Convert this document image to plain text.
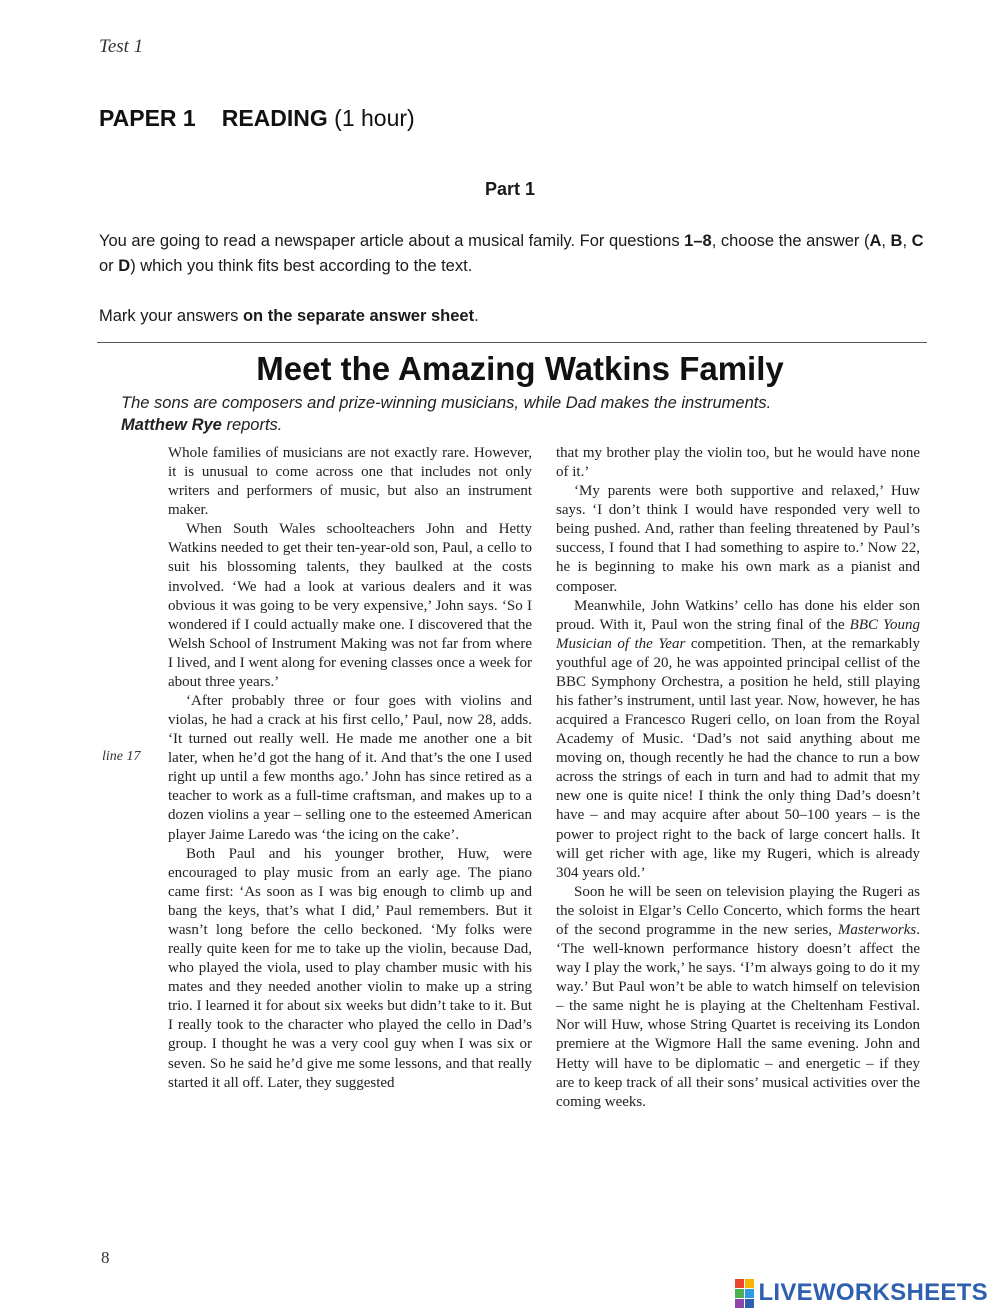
Test 1
PAPER 1 READING (1 hour)
Part 1
You are going to read a newspaper article about a musical family. For questions 1–8, choose the answer (A, B, C or D) which you think fits best according to the text.
Mark your answers on the separate answer sheet.
Meet the Amazing Watkins Family
The sons are composers and prize-winning musicians, while Dad makes the instruments.
Matthew Rye reports.
line 17

Whole families of musicians are not exactly rare. However, it is unusual to come across one that includes not only writers and performers of music, but also an instrument maker.

When South Wales schoolteachers John and Hetty Watkins needed to get their ten-year-old son, Paul, a cello to suit his blossoming talents, they baulked at the costs involved. ‘We had a look at various dealers and it was obvious it was going to be very expensive,’ John says. ‘So I wondered if I could actually make one. I discovered that the Welsh School of Instrument Making was not far from where I lived, and I went along for evening classes once a week for about three years.’

‘After probably three or four goes with violins and violas, he had a crack at his first cello,’ Paul, now 28, adds. ‘It turned out really well. He made me another one a bit later, when he’d got the hang of it. And that’s the one I used right up until a few months ago.’ John has since retired as a teacher to work as a full-time craftsman, and makes up to a dozen violins a year – selling one to the esteemed American player Jaime Laredo was ‘the icing on the cake’.

Both Paul and his younger brother, Huw, were encouraged to play music from an early age. The piano came first: ‘As soon as I was big enough to climb up and bang the keys, that’s what I did,’ Paul remembers. But it wasn’t long before the cello beckoned. ‘My folks were really quite keen for me to take up the violin, because Dad, who played the viola, used to play chamber music with his mates and they needed another violin to make up a string trio. I learned it for about six weeks but didn’t take to it. But I really took to the character who played the cello in Dad’s group. I thought he was a very cool guy when I was six or seven. So he said he’d give me some lessons, and that really started it all off. Later, they suggested

that my brother play the violin too, but he would have none of it.’

‘My parents were both supportive and relaxed,’ Huw says. ‘I don’t think I would have responded very well to being pushed. And, rather than feeling threatened by Paul’s success, I found that I had something to aspire to.’ Now 22, he is beginning to make his own mark as a pianist and composer.

Meanwhile, John Watkins’ cello has done his elder son proud. With it, Paul won the string final of the BBC Young Musician of the Year competition. Then, at the remarkably youthful age of 20, he was appointed principal cellist of the BBC Symphony Orchestra, a position he held, still playing his father’s instrument, until last year. Now, however, he has acquired a Francesco Rugeri cello, on loan from the Royal Academy of Music. ‘Dad’s not said anything about me moving on, though recently he had the chance to run a bow across the strings of each in turn and had to admit that my new one is quite nice! I think the only thing Dad’s doesn’t have – and may acquire after about 50–100 years – is the power to project right to the back of large concert halls. It will get richer with age, like my Rugeri, which is already 304 years old.’

Soon he will be seen on television playing the Rugeri as the soloist in Elgar’s Cello Concerto, which forms the heart of the second programme in the new series, Masterworks. ‘The well-known performance history doesn’t affect the way I play the work,’ he says. ‘I’m always going to do it my way.’ But Paul won’t be able to watch himself on television – the same night he is playing at the Cheltenham Festival. Nor will Huw, whose String Quartet is receiving its London premiere at the Wigmore Hall the same evening. John and Hetty will have to be diplomatic – and energetic – if they are to keep track of all their sons’ musical activities over the coming weeks.

8
LIVEWORKSHEETS
